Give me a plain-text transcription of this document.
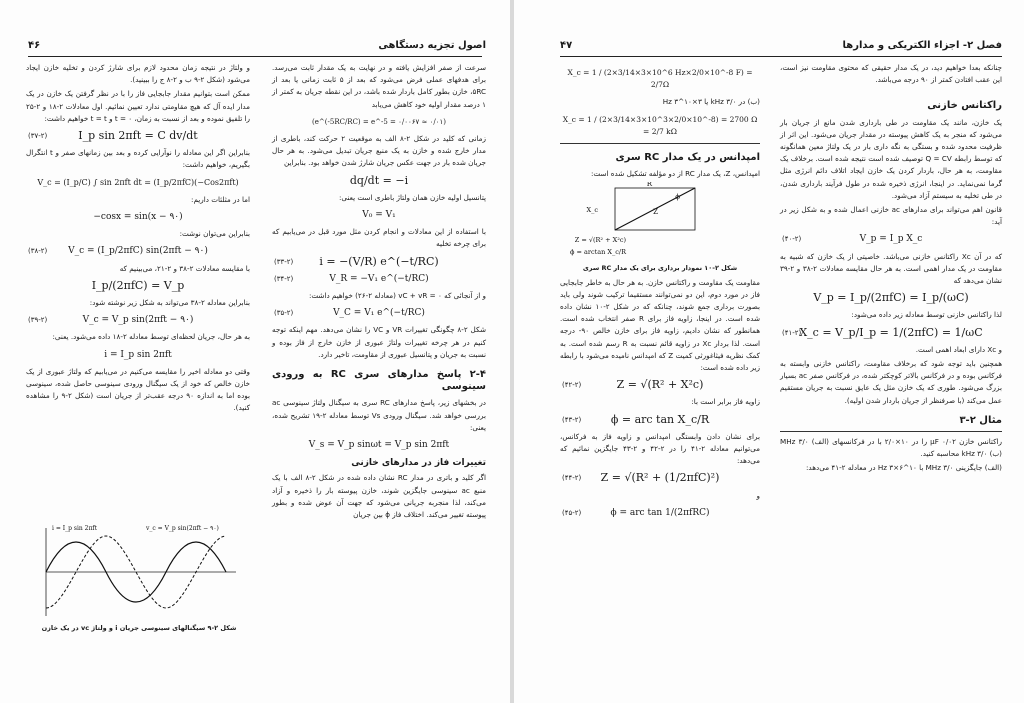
اصول تجزیه دستگاهی
۴۶

سرعت از صفر افزایش یافته و در نهایت به یک مقدار ثابت می‌رسد. برای هدفهای عملی فرض می‌شود که بعد از ۵ ثابت زمانی یا بعد از ۵RC، خازن بطور کامل باردار شده باشد، در این نقطه جریان به کمتر از ۱ درصد مقدار اولیه خود کاهش می‌یابد

(e^(-5RC/RC) = e^-5 = ۰/۰۰۶۷ ≈ ۰/۰۱)

زمانی که کلید در شکل ۲-۸ الف به موقعیت ۲ حرکت کند، باطری از مدار خارج شده و خازن به یک منبع جریان تبدیل می‌شود. به هر حال جریان شده بار در جهت عکس جریان شارژ شدن خواهد بود. بنابراین

dq/dt = −i

پتانسیل اولیه خازن همان ولتاژ باطری است یعنی:

V₀ = V₁

با استفاده از این معادلات و انجام کردن مثل مورد قبل در می‌یابیم که برای چرخه تخلیه

i = −(V/R) e^(−t/RC)
(۳۳-۲)
V_R = −V₁ e^(−t/RC)
(۳۴-۲)

و از آنجائی که vC + vR = ۰ (معادله ۲-۲۶) خواهیم داشت:

V_C = V₁ e^(−t/RC)
(۳۵-۲)

شکل ۲-۸ چگونگی تغییرات VR و VC را نشان می‌دهد. مهم اینکه توجه کنیم در هر چرخه تغییرات ولتاژ عبوری از خازن خارج از فاز بوده و نسبت به جریان و پتانسیل عبوری از مقاومت، تاخیر دارد.

۲-۴ پاسخ مدارهای سری RC به ورودی سینوسی

در بخشهای زیر، پاسخ مدارهای RC سری به سیگنال ولتاژ سینوسی ac بررسی خواهد شد. سیگنال ورودی Vs توسط معادله ۲-۱۹ تشریح شده، یعنی:

V_s = V_p sinωt = V_p sin 2πft
تغییرات فاز در مدارهای خازنی

اگر کلید و باتری در مدار RC نشان داده شده در شکل ۲-۸ الف با یک منبع ac سینوسی جایگزین شوند، خازن پیوسته بار را ذخیره و آزاد می‌کند، لذا منجربه جریانی می‌شود که جهت آن عوض شده و بطور پیوسته تغییر می‌کند. اختلاف فاز ϕ بین جریان

و ولتاژ در نتیجه زمان محدود لازم برای شارژ کردن و تخلیه خازن ایجاد می‌شود (شکل ۲-۹ ب و ۲-۸ ج را ببینید).

ممکن است بتوانیم مقدار جابجایی فاز را با در نظر گرفتن یک خازن در یک مدار ایده آل که هیچ مقاومتی ندارد تعیین نمائیم. اول معادلات ۲-۱۸ و ۲-۲۵ را تلفیق نموده و بعد از نسبت به زمان، t = ۰ و t = t خواهیم داشت:

I_p sin 2πft = C dv/dt
(۳۷-۲)

بنابراین اگر این معادله را نوآرایی کرده و بعد بین زمانهای صفر و t انتگرال بگیریم، خواهیم داشت:

V_c = (I_p/C) ∫ sin 2πft dt = (I_p/2πfC)(−Cos2πft)

اما در مثلثات داریم:

−cosx = sin(x − ۹۰)

بنابراین می‌توان نوشت:

V_c = (I_p/2πfC) sin(2πft − ۹۰)
(۳۸-۲)

با مقایسه معادلات ۲-۳۸ و ۲-۲۱، می‌بینیم که

I_p/(2πfC) = V_p

بنابراین معادله ۲-۳۸ می‌تواند به شکل زیر نوشته شود:

V_c = V_p sin(2πft − ۹۰)
(۳۹-۲)

به هر حال، جریان لحظه‌ای توسط معادله ۲-۱۸ داده می‌شود. یعنی:

i = I_p sin 2πft

وقتی دو معادله اخیر را مقایسه می‌کنیم در می‌یابیم که ولتاژ عبوری از یک خازن خالص که خود از یک سیگنال ورودی سینوسی حاصل شده، سینوسی بوده اما به اندازه ۹۰ درجه عقب‌تر از جریان است (شکل ۲-۹ را مشاهده کنید).

i = I_p sin 2πft	v_c = V_p sin(2πft − ۹۰)
شکل ۲-۹ سیگنالهای سینوسی جریان i و ولتاژ vc در یک خازن
فصل ۲- اجزاء الکتریکی و مدارها
۴۷

چنانکه بعدا خواهیم دید، در یک مدار حقیقی که محتوی مقاومت نیز است، این عقب افتادن کمتر از ۹۰ درجه می‌باشد.

راکتانس خازنی

یک خازن، مانند یک مقاومت در طی بارداری شدن مانع از جریان بار می‌شود که منجر به یک کاهش پیوسته در مقدار جریان می‌شود. این اثر از ظرفیت محدود شده و بستگی به نگه داری بار در یک ولتاژ معین همانگونه که توسط رابطه Q = CV توصیف شده است نتیجه شده است. برخلاف یک مقاومت، به هر حال، باردار کردن یک خازن ایجاد اتلاف دائم انرژی مثل گرما نمی‌نماید. در اینجا، انرژی ذخیره شده در طول فرآیند بارداری شدن، در طی تخلیه به سیستم آزاد می‌شود.

قانون اهم می‌تواند برای مدارهای ac خازنی اعمال شده و به شکل زیر در آید:

V_p = I_p X_c
(۴۰-۲)

که در آن Xc راکتانس خازنی می‌باشد. خاصیتی از یک خازن که شبیه به مقاومت در یک مدار اهمی است. به هر حال مقایسه معادلات ۲-۳۸ و ۲-۳۹ نشان می‌دهد که

V_p = I_p/(2πfC) = I_p/(ωC)

لذا راکتانس خازنی توسط معادله زیر داده می‌شود:

X_c = V_p/I_p = 1/(2πfC) = 1/ωC
(۴۱-۲)

و Xc دارای ابعاد اهمی است.

همچنین باید توجه شود که برخلاف مقاومت، راکتانس خازنی وابسته به فرکانس بوده و در فرکانس بالاتر کوچکتر شده، در فرکانس صفر ac بسیار بزرگ می‌شود. طوری که یک خازن مثل یک عایق نسبت به جریان مستقیم عمل می‌کند (با صرفنظر از جریان باردار شدن اولیه).

مثال ۲-۳

راکتانس خازن ۰/۰۲ μF را در ۱۰×۲/۰ با در فرکانسهای (الف) ۳/۰ MHz (ب) ۳/۰ kHz محاسبه کنید.

(الف) جایگزینی ۳/۰ MHz با ۱۰^۶×۳ Hz در معادله ۲-۴۱ می‌دهد:

X_c = 1 / (2×3/14×3×10^6 Hz×2/0×10^-8 F) = 2/7Ω

(ب) در ۳/۰ kHz یا ۳×۱۰^۳ Hz

X_c = 1 / (2×3/14×3×10^3×2/0×10^-8) = 2700 Ω = 2/7 kΩ
امپدانس در یک مدار RC سری

امپدانس، Z، یک مدار RC از دو مؤلفه تشکیل شده است:

R
Z
X_c
ϕ
Z = √(R² + X²c)
ϕ = arctan X_c/R
شکل ۲-۱۰ نمودار برداری برای یک مدار RC سری

مقاومت یک مقاومت و راکتانس خازن. به هر حال به خاطر جابجایی فاز در مورد دوم، این دو نمی‌توانند مستقیما ترکیب شوند ولی باید بصورت برداری جمع شوند، چنانکه که در شکل ۲-۱۰ نشان داده شده است. در اینجا، زاویه فاز برای R صفر انتخاب شده است. همانطور که نشان دادیم، زاویه فاز برای خازن خالص ۹۰- درجه است. لذا بردار Xc در زاویه قائم نسبت به R رسم شده است. به کمک نظریه فیثاغورثی کمیت Z که امپدانس نامیده می‌شود با رابطه زیر داده شده است:

Z = √(R² + X²c)
(۴۲-۲)

زاویه فاز برابر است با:

ϕ = arc tan X_c/R
(۴۳-۲)

برای نشان دادن وابستگی امپدانس و زاویه فاز به فرکانس، می‌توانیم معادله ۲-۴۱ را در ۲-۴۲ و ۲-۴۳ جایگزین نمائیم که می‌دهد:

Z = √(R² + (1/2πfC)²)
(۴۴-۲)

و

ϕ = arc tan 1/(2πfRC)
(۴۵-۲)
